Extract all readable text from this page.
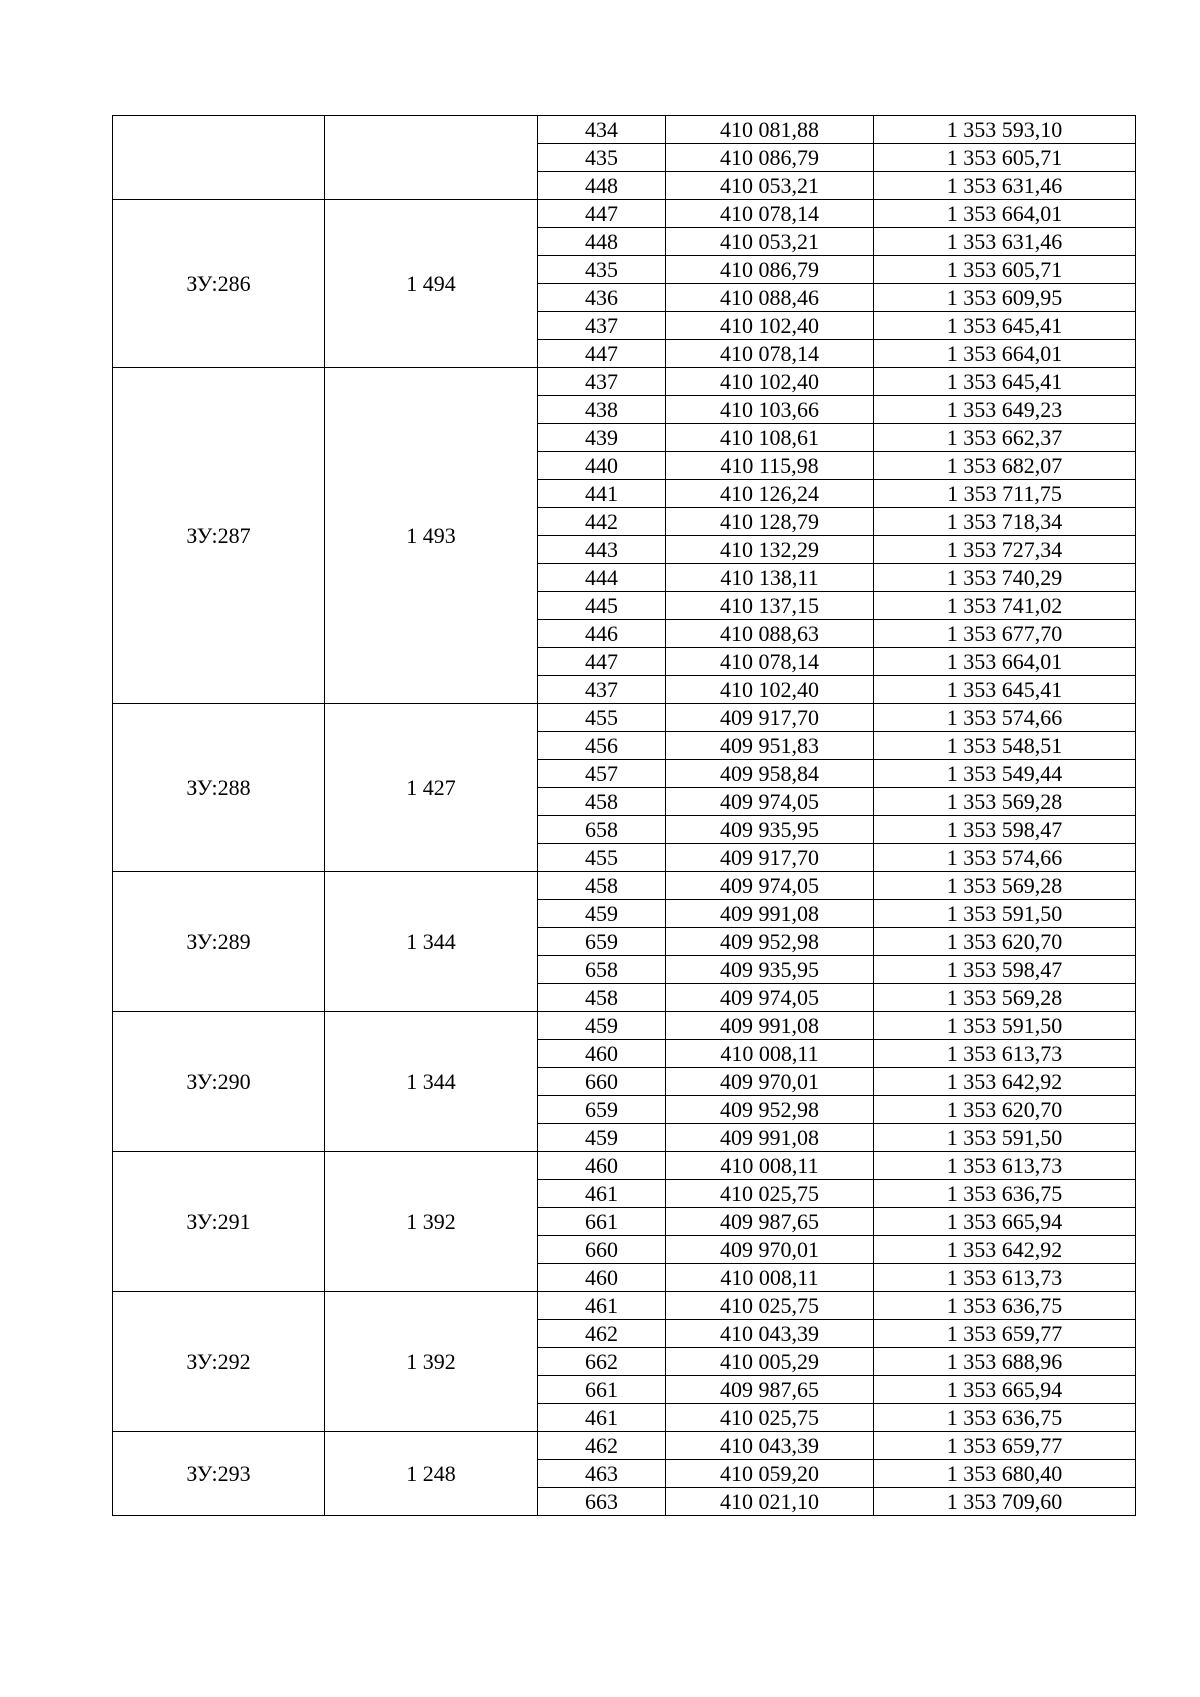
		434	410 081,88	1 353 593,10
		435	410 086,79	1 353 605,71
		448	410 053,21	1 353 631,46
ЗУ:286	1 494	447	410 078,14	1 353 664,01
		448	410 053,21	1 353 631,46
		435	410 086,79	1 353 605,71
		436	410 088,46	1 353 609,95
		437	410 102,40	1 353 645,41
		447	410 078,14	1 353 664,01
ЗУ:287	1 493	437	410 102,40	1 353 645,41
		438	410 103,66	1 353 649,23
		439	410 108,61	1 353 662,37
		440	410 115,98	1 353 682,07
		441	410 126,24	1 353 711,75
		442	410 128,79	1 353 718,34
		443	410 132,29	1 353 727,34
		444	410 138,11	1 353 740,29
		445	410 137,15	1 353 741,02
		446	410 088,63	1 353 677,70
		447	410 078,14	1 353 664,01
		437	410 102,40	1 353 645,41
ЗУ:288	1 427	455	409 917,70	1 353 574,66
		456	409 951,83	1 353 548,51
		457	409 958,84	1 353 549,44
		458	409 974,05	1 353 569,28
		658	409 935,95	1 353 598,47
		455	409 917,70	1 353 574,66
ЗУ:289	1 344	458	409 974,05	1 353 569,28
		459	409 991,08	1 353 591,50
		659	409 952,98	1 353 620,70
		658	409 935,95	1 353 598,47
		458	409 974,05	1 353 569,28
ЗУ:290	1 344	459	409 991,08	1 353 591,50
		460	410 008,11	1 353 613,73
		660	409 970,01	1 353 642,92
		659	409 952,98	1 353 620,70
		459	409 991,08	1 353 591,50
ЗУ:291	1 392	460	410 008,11	1 353 613,73
		461	410 025,75	1 353 636,75
		661	409 987,65	1 353 665,94
		660	409 970,01	1 353 642,92
		460	410 008,11	1 353 613,73
ЗУ:292	1 392	461	410 025,75	1 353 636,75
		462	410 043,39	1 353 659,77
		662	410 005,29	1 353 688,96
		661	409 987,65	1 353 665,94
		461	410 025,75	1 353 636,75
ЗУ:293	1 248	462	410 043,39	1 353 659,77
		463	410 059,20	1 353 680,40
		663	410 021,10	1 353 709,60
